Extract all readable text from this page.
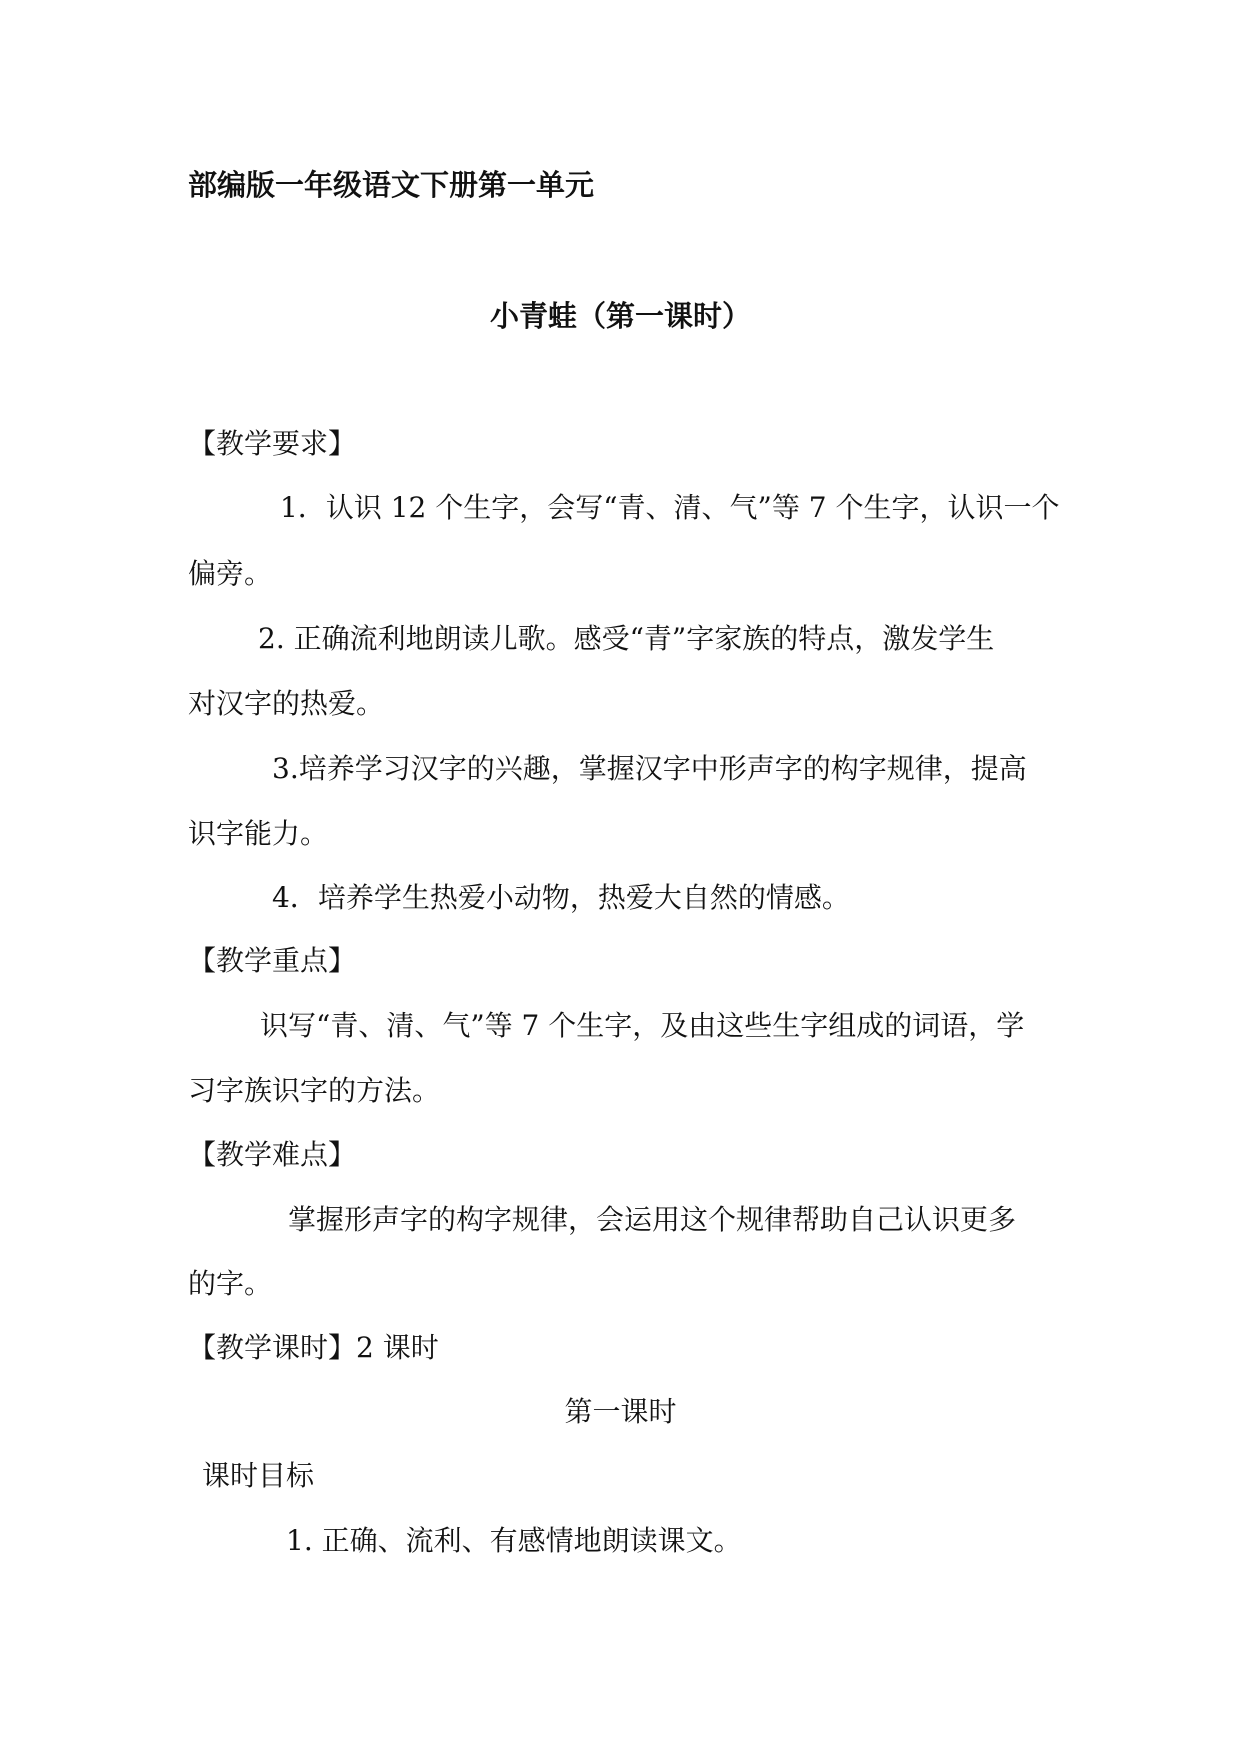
部编版一年级语文下册第一单元
小青蛙（第一课时）
【教学要求】
1．认识 12 个生字，会写“青、清、气”等 7 个生字，认识一个
偏旁。
2. 正确流利地朗读儿歌。感受“青”字家族的特点，激发学生
对汉字的热爱。
3.培养学习汉字的兴趣，掌握汉字中形声字的构字规律，提高
识字能力。
4．培养学生热爱小动物，热爱大自然的情感。
【教学重点】
识写“青、清、气”等 7 个生字，及由这些生字组成的词语，学
习字族识字的方法。
【教学难点】
掌握形声字的构字规律，会运用这个规律帮助自己认识更多
的字。
【教学课时】2 课时
第一课时
课时目标
1. 正确、流利、有感情地朗读课文。
